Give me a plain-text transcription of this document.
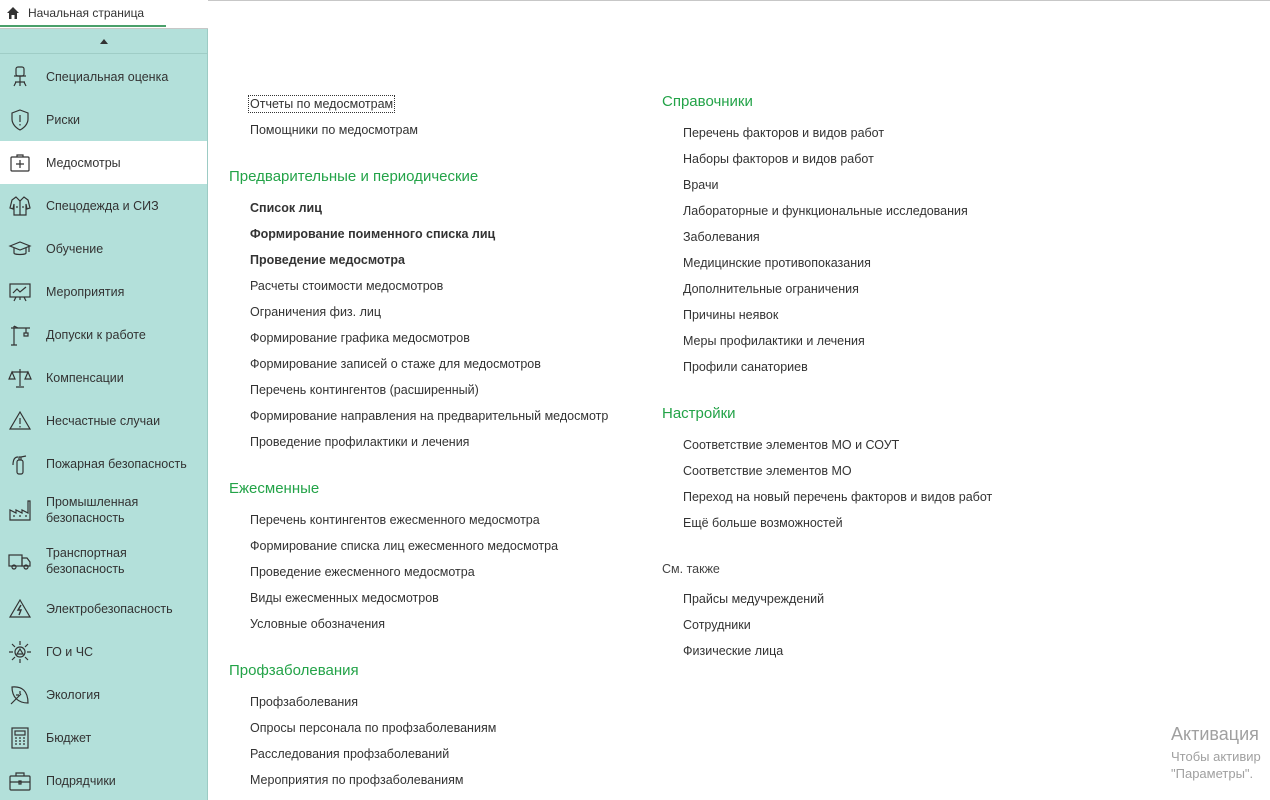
Начальная страница
Специальная оценка
Риски
Медосмотры
Спецодежда и СИЗ
Обучение
Мероприятия
Допуски к работе
Компенсации
Несчастные случаи
Пожарная безопасность
Промышленная
безопасность
Транспортная
безопасность
Электробезопасность
ГО и ЧС
Экология
Бюджет
Подрядчики
Отчеты по медосмотрам
Помощники по медосмотрам
Предварительные и периодические
Список лиц
Формирование поименного списка лиц
Проведение медосмотра
Расчеты стоимости медосмотров
Ограничения физ. лиц
Формирование графика медосмотров
Формирование записей о стаже для медосмотров
Перечень контингентов (расширенный)
Формирование направления на предварительный медосмотр
Проведение профилактики и лечения
Ежесменные
Перечень контингентов ежесменного медосмотра
Формирование списка лиц ежесменного медосмотра
Проведение ежесменного медосмотра
Виды ежесменных медосмотров
Условные обозначения
Профзаболевания
Профзаболевания
Опросы персонала по профзаболеваниям
Расследования профзаболеваний
Мероприятия по профзаболеваниям
Справочники
Перечень факторов и видов работ
Наборы факторов и видов работ
Врачи
Лабораторные и функциональные исследования
Заболевания
Медицинские противопоказания
Дополнительные ограничения
Причины неявок
Меры профилактики и лечения
Профили санаториев
Настройки
Соответствие элементов МО и СОУТ
Соответствие элементов МО
Переход на новый перечень факторов и видов работ
Ещё больше возможностей
См. также
Прайсы медучреждений
Сотрудники
Физические лица
Активация
Чтобы активир
"Параметры".
